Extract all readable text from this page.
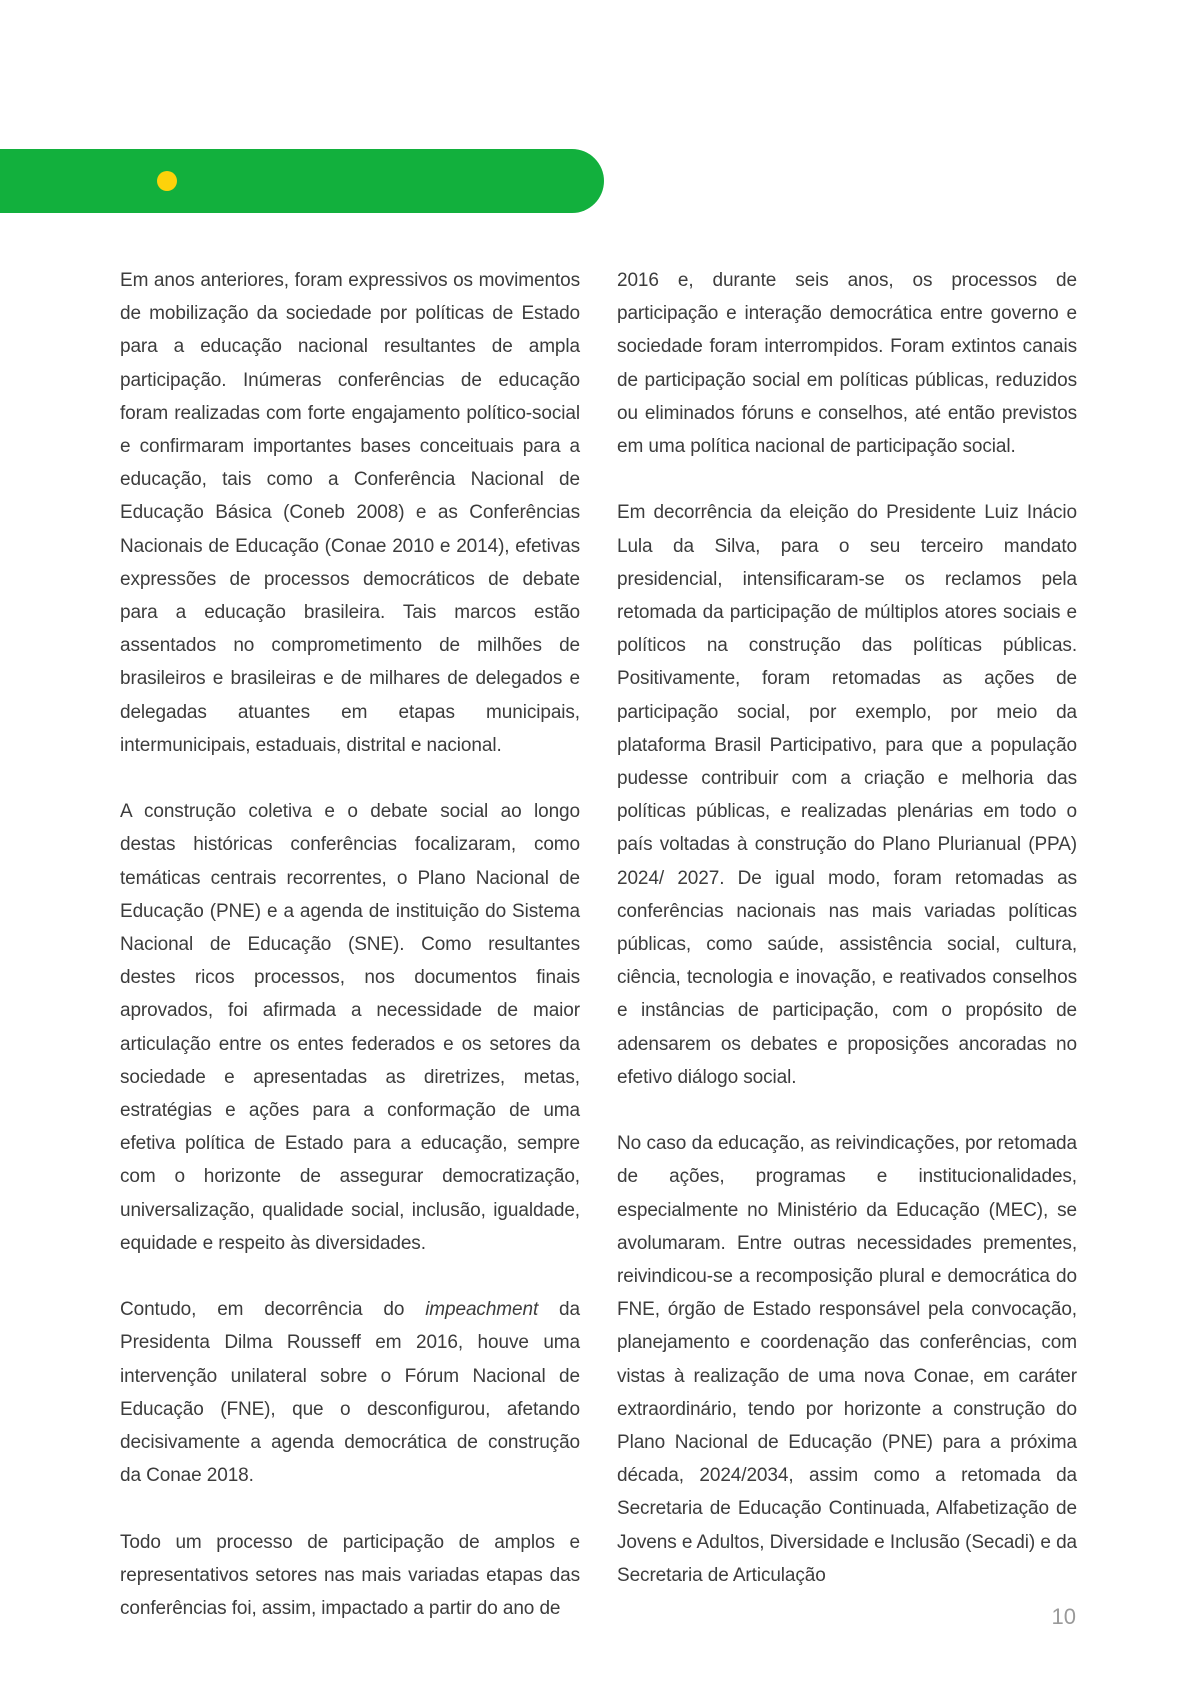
Em anos anteriores, foram expressivos os movimentos de mobilização da sociedade por políticas de Estado para a educação nacional resultantes de ampla participação. Inúmeras conferências de educação foram realizadas com forte engajamento político-social e confirmaram importantes bases conceituais para a educação, tais como a Conferência Nacional de Educação Básica (Coneb 2008) e as Conferências Nacionais de Educação (Conae 2010 e 2014), efetivas expressões de processos democráticos de debate para a educação brasileira. Tais marcos estão assentados no comprometimento de milhões de brasileiros e brasileiras e de milhares de delegados e delegadas atuantes em etapas municipais, intermunicipais, estaduais, distrital e nacional.

A construção coletiva e o debate social ao longo destas históricas conferências focalizaram, como temáticas centrais recorrentes, o Plano Nacional de Educação (PNE) e a agenda de instituição do Sistema Nacional de Educação (SNE). Como resultantes destes ricos processos, nos documentos finais aprovados, foi afirmada a necessidade de maior articulação entre os entes federados e os setores da sociedade e apresentadas as diretrizes, metas, estratégias e ações para a conformação de uma efetiva política de Estado para a educação, sempre com o horizonte de assegurar democratização, universalização, qualidade social, inclusão, igualdade, equidade e respeito às diversidades.

Contudo, em decorrência do impeachment da Presidenta Dilma Rousseff em 2016, houve uma intervenção unilateral sobre o Fórum Nacional de Educação (FNE), que o desconfigurou, afetando decisivamente a agenda democrática de construção da Conae 2018.

Todo um processo de participação de amplos e representativos setores nas mais variadas etapas das conferências foi, assim, impactado a partir do ano de

2016 e, durante seis anos, os processos de participação e interação democrática entre governo e sociedade foram interrompidos. Foram extintos canais de participação social em políticas públicas, reduzidos ou eliminados fóruns e conselhos, até então previstos em uma política nacional de participação social.

Em decorrência da eleição do Presidente Luiz Inácio Lula da Silva, para o seu terceiro mandato presidencial, intensificaram-se os reclamos pela retomada da participação de múltiplos atores sociais e políticos na construção das políticas públicas. Positivamente, foram retomadas as ações de participação social, por exemplo, por meio da plataforma Brasil Participativo, para que a população pudesse contribuir com a criação e melhoria das políticas públicas, e realizadas plenárias em todo o país voltadas à construção do Plano Plurianual (PPA) 2024/ 2027. De igual modo, foram retomadas as conferências nacionais nas mais variadas políticas públicas, como saúde, assistência social, cultura, ciência, tecnologia e inovação, e reativados conselhos e instâncias de participação, com o propósito de adensarem os debates e proposições ancoradas no efetivo diálogo social.

No caso da educação, as reivindicações, por retomada de ações, programas e institucionalidades, especialmente no Ministério da Educação (MEC), se avolumaram. Entre outras necessidades prementes, reivindicou-se a recomposição plural e democrática do FNE, órgão de Estado responsável pela convocação, planejamento e coordenação das conferências, com vistas à realização de uma nova Conae, em caráter extraordinário, tendo por horizonte a construção do Plano Nacional de Educação (PNE) para a próxima década, 2024/2034, assim como a retomada da Secretaria de Educação Continuada, Alfabetização de Jovens e Adultos, Diversidade e Inclusão (Secadi) e da Secretaria de Articulação

10
